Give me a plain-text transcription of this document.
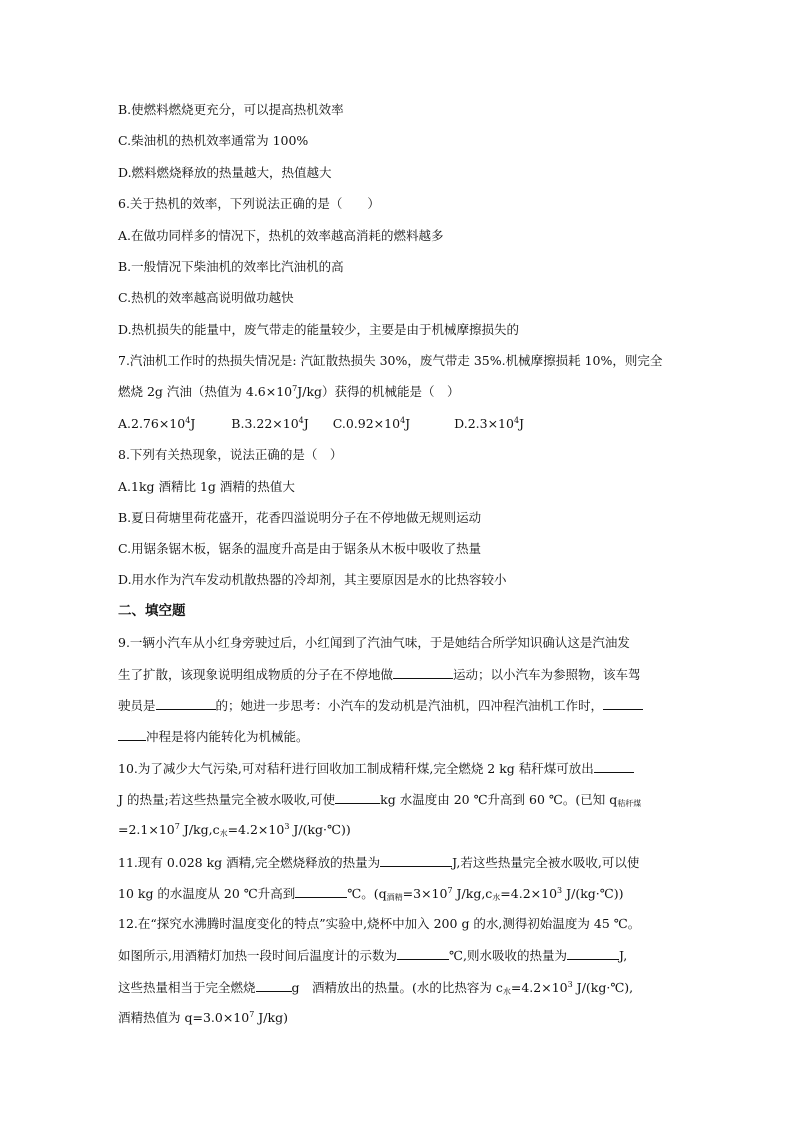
B.使燃料燃烧更充分，可以提高热机效率
C.柴油机的热机效率通常为 100%
D.燃料燃烧释放的热量越大，热值越大
6.关于热机的效率，下列说法正确的是（　　）
A.在做功同样多的情况下，热机的效率越高消耗的燃料越多
B.一般情况下柴油机的效率比汽油机的高
C.热机的效率越高说明做功越快
D.热机损失的能量中，废气带走的能量较少，主要是由于机械摩擦损失的
7.汽油机工作时的热损失情况是: 汽缸散热损失 30%，废气带走 35%.机械摩擦损耗 10%，则完全
燃烧 2g 汽油（热值为 $4.6\times 10^7J/kg$）获得的机械能是（　）
$A.2.76\times 10^4J$	$B.3.22\times 10^4J$ $C.0.92\times 10^4J$	$D.2.3\times 10^4J$
8.下列有关热现象，说法正确的是（　）
A.1kg 酒精比 1g 酒精的热值大
B.夏日荷塘里荷花盛开，花香四溢说明分子在不停地做无规则运动
C.用锯条锯木板，锯条的温度升高是由于锯条从木板中吸收了热量
D.用水作为汽车发动机散热器的冷却剂，其主要原因是水的比热容较小
二、填空题
9.一辆小汽车从小红身旁驶过后，小红闻到了汽油气味，于是她结合所学知识确认这是汽油发
生了扩散，该现象说明组成物质的分子在不停地做	运动；以小汽车为参照物，该车驾
驶员是	的；她进一步思考：小汽车的发动机是汽油机，四冲程汽油机工作时，
冲程是将内能转化为机械能。
10.为了减少大气污染,可对秸秆进行回收加工制成精秆煤,完全燃烧 2 kg 秸秆煤可放出
J 的热量;若这些热量完全被水吸收,可使	kg 水温度由 20 ℃升高到 60 ℃。(已知 $q_{秸秆煤}$
$=2.1\times 10^7$ $J/kg,c_水=4.2\times 10^3$ J/(kg·℃))
11.现有 0.028 kg 酒精,完全燃烧释放的热量为	J,若这些热量完全被水吸收,可以使
10 kg 的水温度从 20 ℃升高到	℃。($q_{酒精}=3\times 10^7$ $J/kg,c_水=4.2\times 10^3$ J/(kg·℃))
12.在“探究水沸腾时温度变化的特点”实验中,烧杯中加入 200 g 的水,测得初始温度为 45 ℃。
如图所示,用酒精灯加热一段时间后温度计的示数为	℃,则水吸收的热量为	J,
这些热量相当于完全燃烧	g　酒精放出的热量。(水的比热容为 $c_水=4.2\times 10^3$ J/(kg·℃),
酒精热值为 $q=3.0\times 10^7$ J/kg)
